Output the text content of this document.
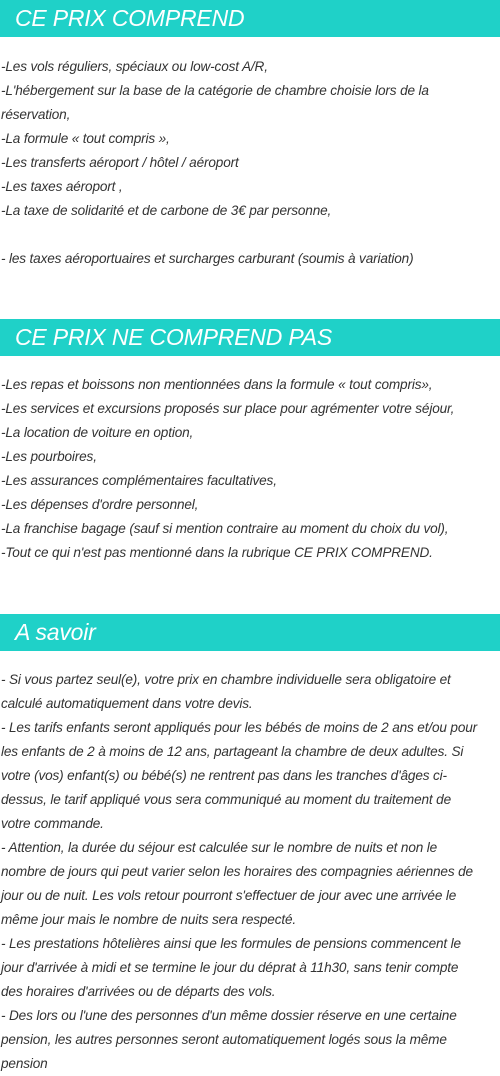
CE PRIX COMPREND
-Les vols réguliers, spéciaux ou low-cost A/R,
-L'hébergement sur la base de la catégorie de chambre choisie lors de la
réservation,
-La formule « tout compris »,
-Les transferts aéroport / hôtel / aéroport
-Les taxes aéroport ,
-La taxe de solidarité et de carbone de 3€ par personne,
- les taxes aéroportuaires et surcharges carburant (soumis à variation)
CE PRIX NE COMPREND PAS
-Les repas et boissons non mentionnées dans la formule « tout compris»,
-Les services et excursions proposés sur place pour agrémenter votre séjour,
-La location de voiture en option,
-Les pourboires,
-Les assurances complémentaires facultatives,
-Les dépenses d'ordre personnel,
-La franchise bagage (sauf si mention contraire au moment du choix du vol),
-Tout ce qui n'est pas mentionné dans la rubrique CE PRIX COMPREND.
A savoir
- Si vous partez seul(e), votre prix en chambre individuelle sera obligatoire et
calculé automatiquement dans votre devis.
- Les tarifs enfants seront appliqués pour les bébés de moins de 2 ans et/ou pour
les enfants de 2 à moins de 12 ans, partageant la chambre de deux adultes. Si
votre (vos) enfant(s) ou bébé(s) ne rentrent pas dans les tranches d'âges ci-
dessus, le tarif appliqué vous sera communiqué au moment du traitement de
votre commande.
- Attention, la durée du séjour est calculée sur le nombre de nuits et non le
nombre de jours qui peut varier selon les horaires des compagnies aériennes de
jour ou de nuit. Les vols retour pourront s'effectuer de jour avec une arrivée le
même jour mais le nombre de nuits sera respecté.
- Les prestations hôtelières ainsi que les formules de pensions commencent le
jour d'arrivée à midi et se termine le jour du déprat à 11h30, sans tenir compte
des horaires d'arrivées ou de départs des vols.
- Des lors ou l'une des personnes d'un même dossier réserve en une certaine
pension, les autres personnes seront automatiquement logés sous la même
pension
